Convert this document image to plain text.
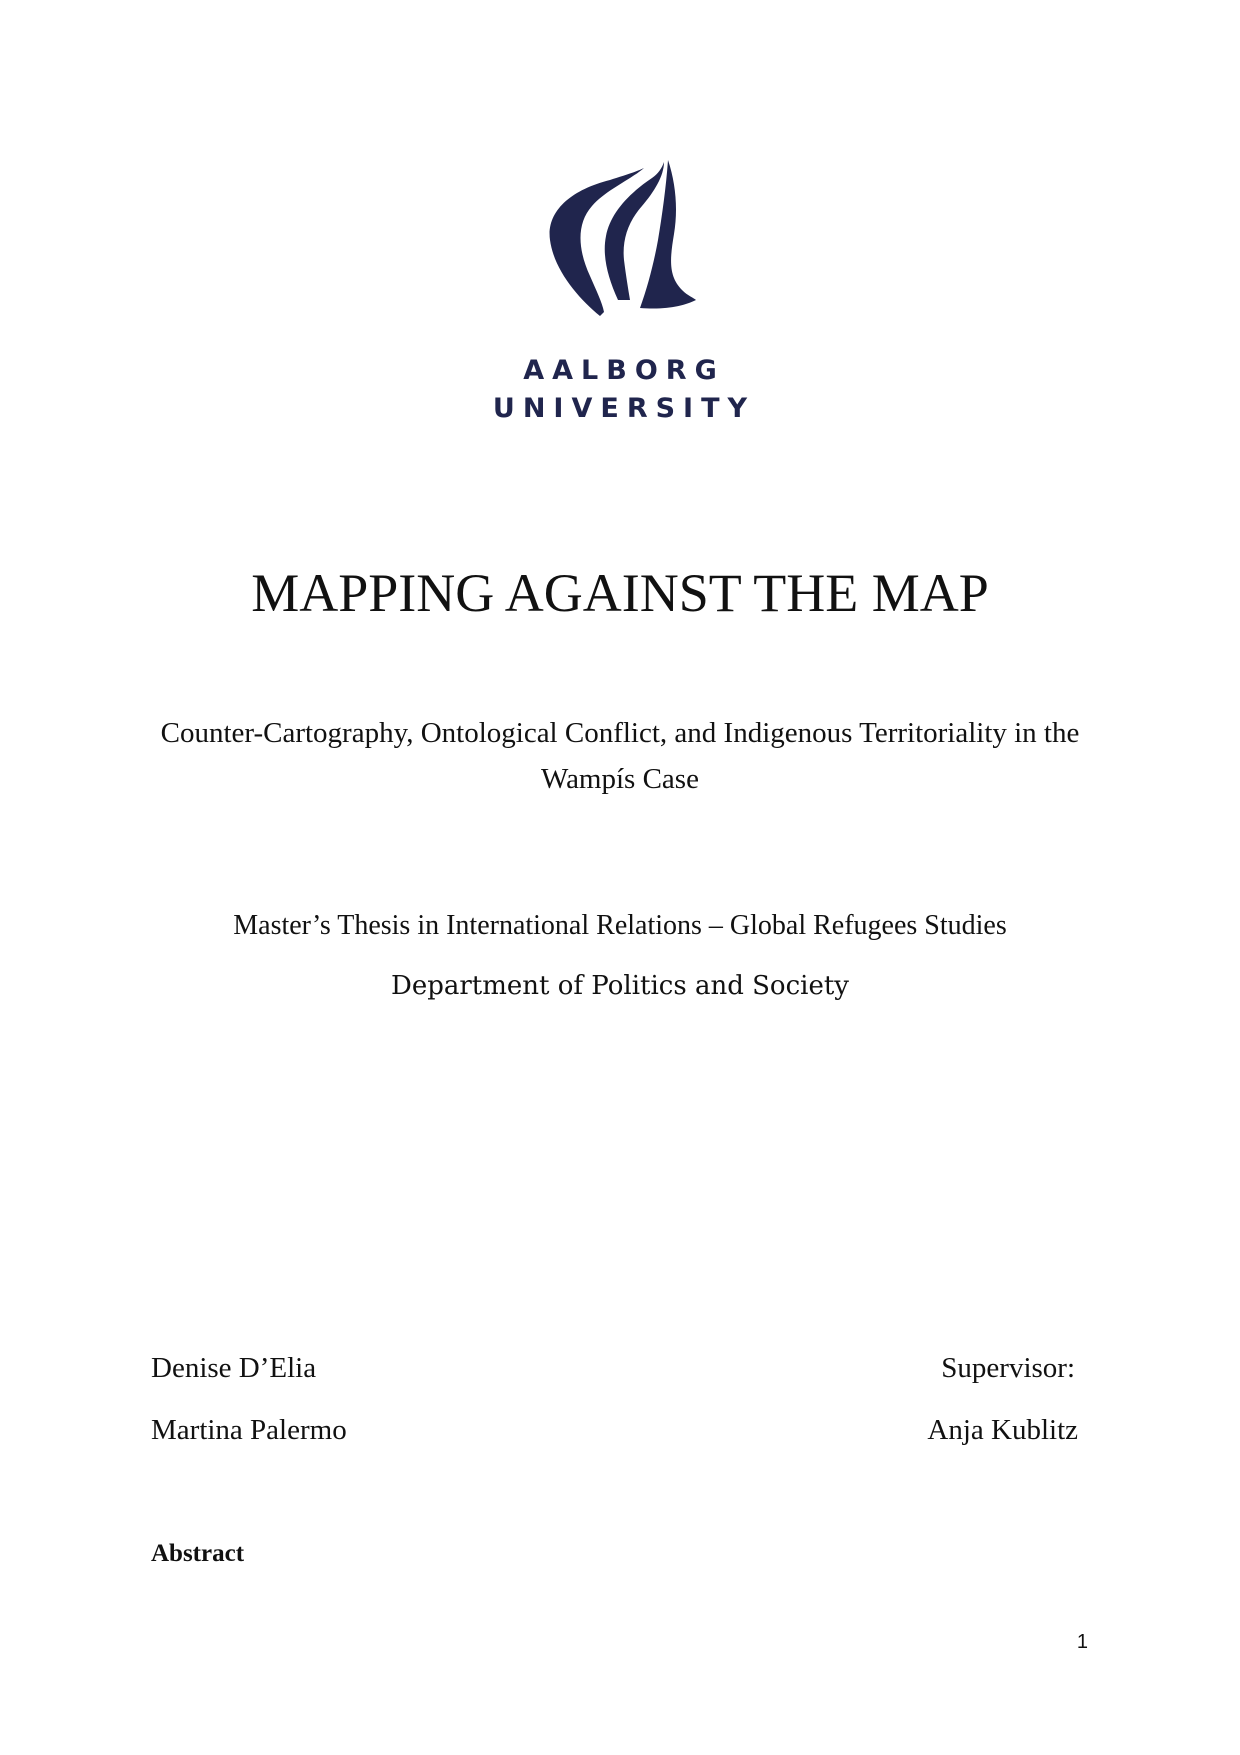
AALBORG
UNIVERSITY
MAPPING AGAINST THE MAP
Counter-Cartography, Ontological Conflict, and Indigenous Territoriality in the Wampís Case
Master’s Thesis in International Relations – Global Refugees Studies
Department of Politics and Society
Denise D’Elia
Martina Palermo
Supervisor:
Anja Kublitz
Abstract
1
